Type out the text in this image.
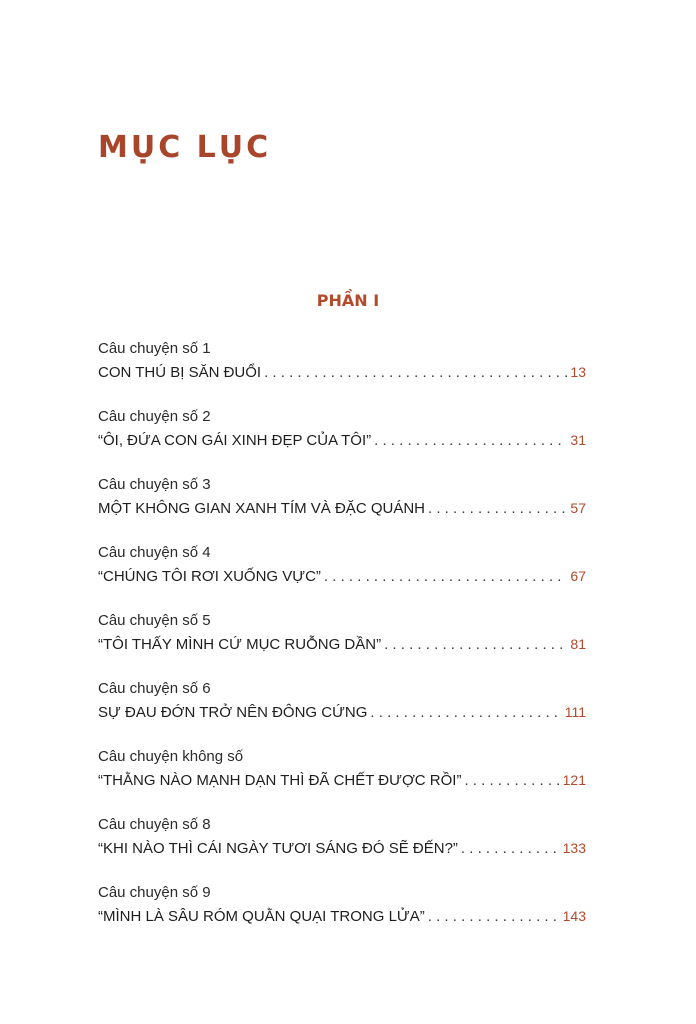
MỤC LỤC
PHẦN I
Câu chuyện số 1
CON THÚ BỊ SĂN ĐUỔI . . .	13
Câu chuyện số 2
“ÔI, ĐỨA CON GÁI XINH ĐẸP CỦA TÔI” . . .	31
Câu chuyện số 3
MỘT KHÔNG GIAN XANH TÍM VÀ ĐẶC QUÁNH . . .	57
Câu chuyện số 4
“CHÚNG TÔI RƠI XUỐNG VỰC” . . .	67
Câu chuyện số 5
“TÔI THẤY MÌNH CỨ MỤC RUỖNG DẦN” . . .	81
Câu chuyện số 6
SỰ ĐAU ĐỚN TRỞ NÊN ĐÔNG CỨNG . . .	111
Câu chuyện không số
“THẰNG NÀO MẠNH DẠN THÌ ĐÃ CHẾT ĐƯỢC RỒI” . . .	121
Câu chuyện số 8
“KHI NÀO THÌ CÁI NGÀY TƯƠI SÁNG ĐÓ SẼ ĐẾN?” . . .	133
Câu chuyện số 9
“MÌNH LÀ SÂU RÓM QUẰN QUẠI TRONG LỬA” . . .	143
